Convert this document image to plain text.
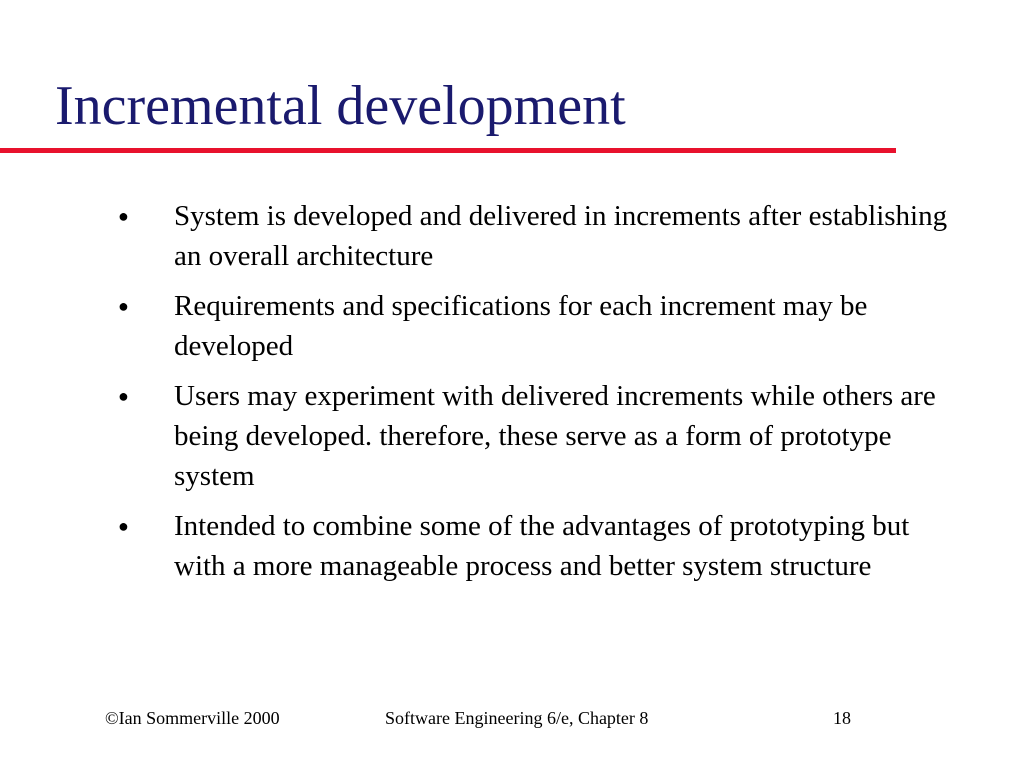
Incremental development
● System is developed and delivered in increments after establishing an overall architecture
● Requirements and specifications for each increment may be developed
● Users may experiment with delivered increments while others are being developed. therefore, these serve as a form of prototype system
● Intended to combine some of the advantages of prototyping but with a more manageable process and better system structure
©Ian Sommerville 2000	Software Engineering 6/e, Chapter 8	18
